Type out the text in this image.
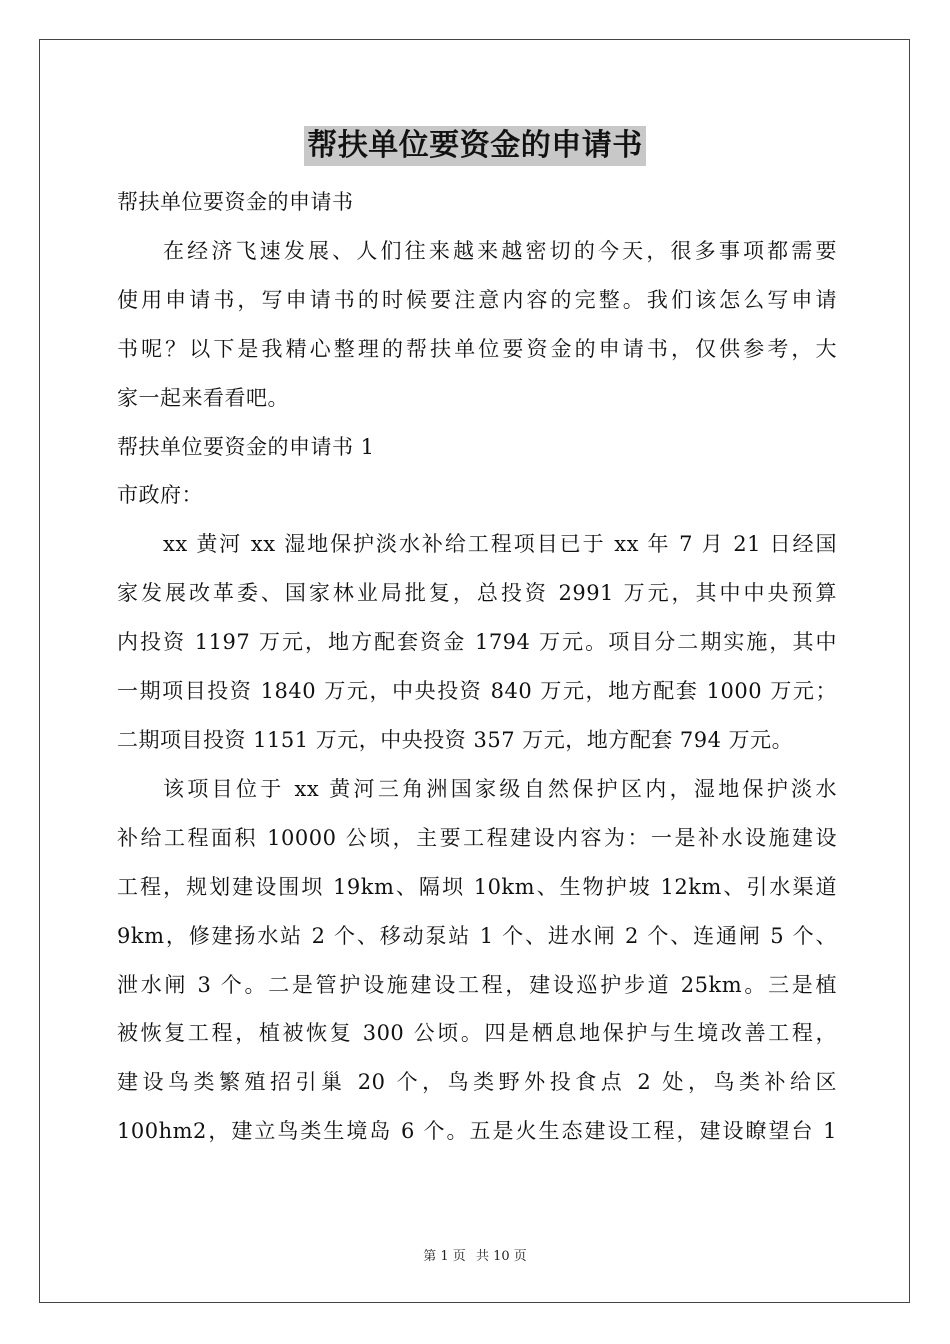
帮扶单位要资金的申请书
帮扶单位要资金的申请书
在经济飞速发展、人们往来越来越密切的今天，很多事项都需要
使用申请书，写申请书的时候要注意内容的完整。我们该怎么写申请
书呢？以下是我精心整理的帮扶单位要资金的申请书，仅供参考，大
家一起来看看吧。
帮扶单位要资金的申请书 1
市政府：
xx 黄河 xx 湿地保护淡水补给工程项目已于 xx 年 7 月 21 日经国
家发展改革委、国家林业局批复，总投资 2991 万元，其中中央预算
内投资 1197 万元，地方配套资金 1794 万元。项目分二期实施，其中
一期项目投资 1840 万元，中央投资 840 万元，地方配套 1000 万元；
二期项目投资 1151 万元，中央投资 357 万元，地方配套 794 万元。
该项目位于 xx 黄河三角洲国家级自然保护区内，湿地保护淡水
补给工程面积 10000 公顷，主要工程建设内容为：一是补水设施建设
工程，规划建设围坝 19km、隔坝 10km、生物护坡 12km、引水渠道
9km，修建扬水站 2 个、移动泵站 1 个、进水闸 2 个、连通闸 5 个、
泄水闸 3 个。二是管护设施建设工程，建设巡护步道 25km。三是植
被恢复工程，植被恢复 300 公顷。四是栖息地保护与生境改善工程，
建设鸟类繁殖招引巢 20 个，鸟类野外投食点 2 处，鸟类补给区
100hm2，建立鸟类生境岛 6 个。五是火生态建设工程，建设瞭望台 1
第 1 页 共 10 页
